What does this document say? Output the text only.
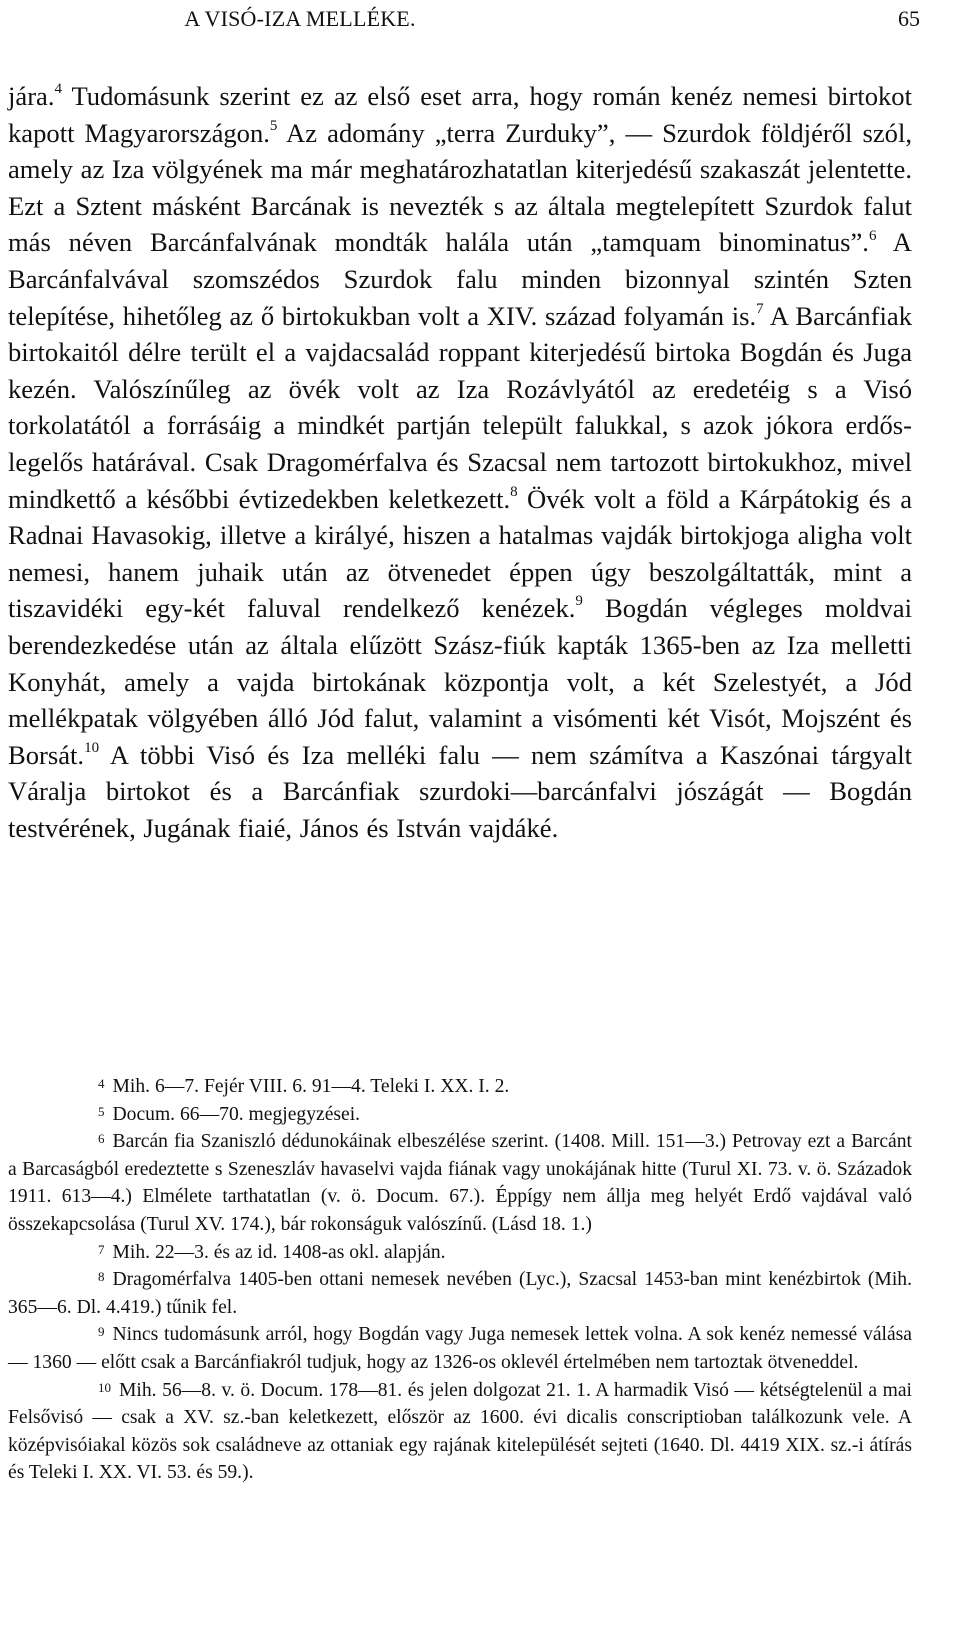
A VISÓ-IZA MELLÉKE.	65

jára.$^4$ Tudomásunk szerint ez az első eset arra, hogy román kenéz nemesi birtokot kapott Magyarországon.$^5$ Az adomány „terra Zurduky”, — Szurdok földjéről szól, amely az Iza völgyének ma már meghatározhatatlan kiterjedésű szakaszát jelentette. Ezt a Sztent másként Barcának is nevezték s az általa megtelepített Szurdok falut más néven Barcánfalvának mondták halála után „tamquam binominatus”.$^6$ A Barcánfalvával szomszédos Szurdok falu minden bizonnyal szintén Szten telepítése, hihetőleg az ő birtokukban volt a XIV. század folyamán is.$^7$ A Barcánfiak birtokaitól délre terült el a vajdacsalád roppant kiterjedésű birtoka Bogdán és Juga kezén. Valószínűleg az övék volt az Iza Rozávlyától az eredetéig s a Visó torkolatától a forrásáig a mindkét partján települt falukkal, s azok jókora erdős-legelős határával. Csak Dragomérfalva és Szacsal nem tartozott birtokukhoz, mivel mindkettő a későbbi évtizedekben keletkezett.$^8$ Övék volt a föld a Kárpátokig és a Radnai Havasokig, illetve a királyé, hiszen a hatalmas vajdák birtokjoga aligha volt nemesi, hanem juhaik után az ötvenedet éppen úgy beszolgáltatták, mint a tiszavidéki egy-két faluval rendelkező kenézek.$^9$ Bogdán végleges moldvai berendezkedése után az általa elűzött Szász-fiúk kapták 1365-ben az Iza melletti Konyhát, amely a vajda birtokának központja volt, a két Szelestyét, a Jód mellékpatak völgyében álló Jód falut, valamint a visómenti két Visót, Mojszént és Borsát.$^{10}$ A többi Visó és Iza melléki falu — nem számítva a Kaszónai tárgyalt Váralja birtokot és a Barcánfiak szurdoki—barcánfalvi jószágát — Bogdán testvérének, Jugának fiaié, János és István vajdáké.

$^4$ Mih. 6—7. Fejér VIII. 6. 91—4. Teleki I. XX. I. 2.

$^5$ Docum. 66—70. megjegyzései.

$^6$ Barcán fia Szaniszló dédunokáinak elbeszélése szerint. (1408. Mill. 151—3.) Petrovay ezt a Barcánt a Barcaságból eredeztette s Szeneszláv havaselvi vajda fiának vagy unokájának hitte (Turul XI. 73. v. ö. Századok 1911. 613—4.) Elmélete tarthatatlan (v. ö. Docum. 67.). Éppígy nem állja meg helyét Erdő vajdával való összekapcsolása (Turul XV. 174.), bár rokonságuk valószínű. (Lásd 18. 1.)

$^7$ Mih. 22—3. és az id. 1408-as okl. alapján.

$^8$ Dragomérfalva 1405-ben ottani nemesek nevében (Lyc.), Szacsal 1453-ban mint kenézbirtok (Mih. 365—6. Dl. 4.419.) tűnik fel.

$^9$ Nincs tudomásunk arról, hogy Bogdán vagy Juga nemesek lettek volna. A sok kenéz nemessé válása — 1360 — előtt csak a Barcánfiakról tudjuk, hogy az 1326-os oklevél értelmében nem tartoztak ötveneddel.

$^{10}$ Mih. 56—8. v. ö. Docum. 178—81. és jelen dolgozat 21. 1. A harmadik Visó — kétségtelenül a mai Felsővisó — csak a XV. sz.-ban keletkezett, először az 1600. évi dicalis conscriptioban találkozunk vele. A középvisóiakal közös sok családneve az ottaniak egy rajának kitelepülését sejteti (1640. Dl. 4419 XIX. sz.-i átírás és Teleki I. XX. VI. 53. és 59.).
